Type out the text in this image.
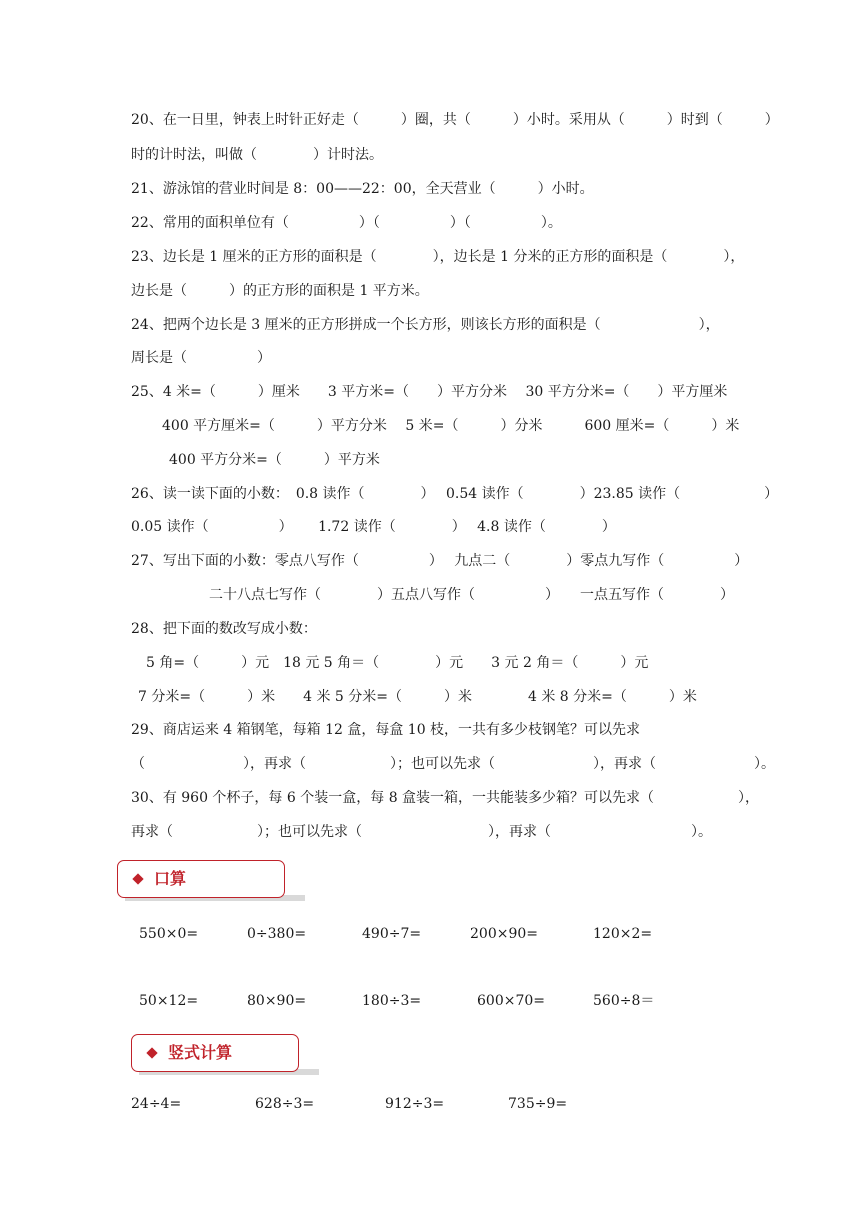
20、在一日里，钟表上时针正好走（　　　）圈，共（　　　）小时。采用从（　　　）时到（　　　）
时的计时法，叫做（　　　　）计时法。
21、游泳馆的营业时间是 8：00——22：00，全天营业（　　　）小时。
22、常用的面积单位有（　　　　　）（　　　　　）（　　　　　）。
23、边长是 1 厘米的正方形的面积是（　　　　），边长是 1 分米的正方形的面积是（　　　　），
边长是（　　　）的正方形的面积是 1 平方米。
24、把两个边长是 3 厘米的正方形拼成一个长方形，则该长方形的面积是（　　　　　　　），
周长是（　　　　　）
25、4 米=（　　　）厘米　　3 平方米=（　　）平方分米　 30 平方分米=（　　）平方厘米
400 平方厘米=（　　　）平方分米　 5 米=（　　　）分米　　　600 厘米=（　　　）米
400 平方分米=（　　　）平方米
26、读一读下面的小数：　0.8 读作（　　　　）　 0.54 读作（　　　　）23.85 读作（　　　　　　）
0.05 读作（　　　　　）　　 1.72 读作（　　　　）　 4.8 读作（　　　　）
27、写出下面的小数：零点八写作（　　　　　）　 九点二（　　　　）零点九写作（　　　　　）
二十八点七写作（　　　　）五点八写作（　　　　　）　　一点五写作（　　　　）
28、把下面的数改写成小数：
5 角=（　　　）元　18 元 5 角＝（　　　　）元　　3 元 2 角＝（　　　）元
7 分米=（　　　）米　　4 米 5 分米=（　　　）米　　　　4 米 8 分米=（　　　）米
29、商店运来 4 箱钢笔，每箱 12 盒，每盒 10 枝，一共有多少枝钢笔？可以先求
（　　　　　　　），再求（　　　　　　）；也可以先求（　　　　　　　），再求（　　　　　　　）。
30、有 960 个杯子，每 6 个装一盒，每 8 盒装一箱，一共能装多少箱？可以先求（　　　　　　），
再求（　　　　　　）；也可以先求（　　　　　　　　　），再求（　　　　　　　　　　）。
口算
550×0=	0÷380=	490÷7=	200×90=	120×2=
50×12=	80×90=	180÷3=	600×70=	560÷8＝
竖式计算
24÷4=	628÷3=	912÷3=	735÷9=
